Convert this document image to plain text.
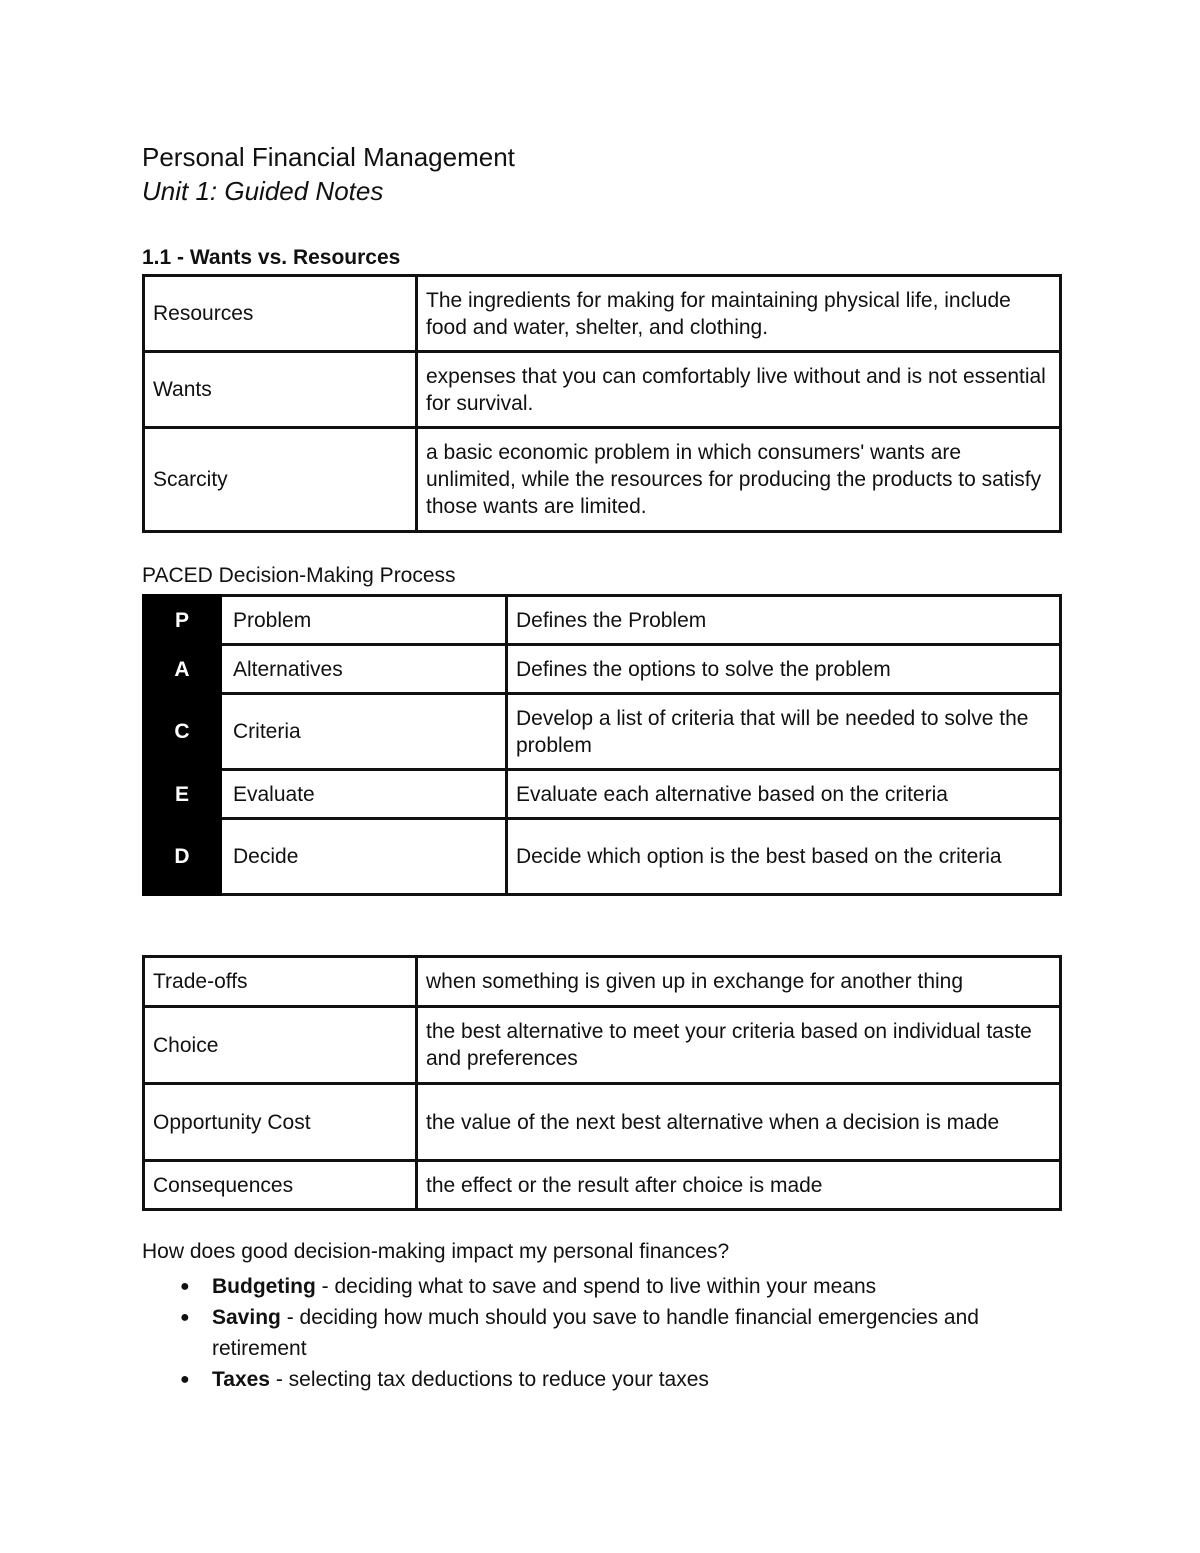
Personal Financial Management

Unit 1: Guided Notes

1.1 - Wants vs. Resources
Resources	The ingredients for making for maintaining physical life, include food and water, shelter, and clothing.
Wants	expenses that you can comfortably live without and is not essential for survival.
Scarcity	a basic economic problem in which consumers' wants are unlimited, while the resources for producing the products to satisfy those wants are limited.

PACED Decision-Making Process

P	Problem	Defines the Problem
A	Alternatives	Defines the options to solve the problem
C	Criteria	Develop a list of criteria that will be needed to solve the problem
E	Evaluate	Evaluate each alternative based on the criteria
D	Decide	Decide which option is the best based on the criteria
Trade-offs	when something is given up in exchange for another thing
Choice	the best alternative to meet your criteria based on individual taste and preferences
Opportunity Cost	the value of the next best alternative when a decision is made
Consequences	the effect or the result after choice is made

How does good decision-making impact my personal finances?

● Budgeting - deciding what to save and spend to live within your means
● Saving - deciding how much should you save to handle financial emergencies and retirement
● Taxes - selecting tax deductions to reduce your taxes
